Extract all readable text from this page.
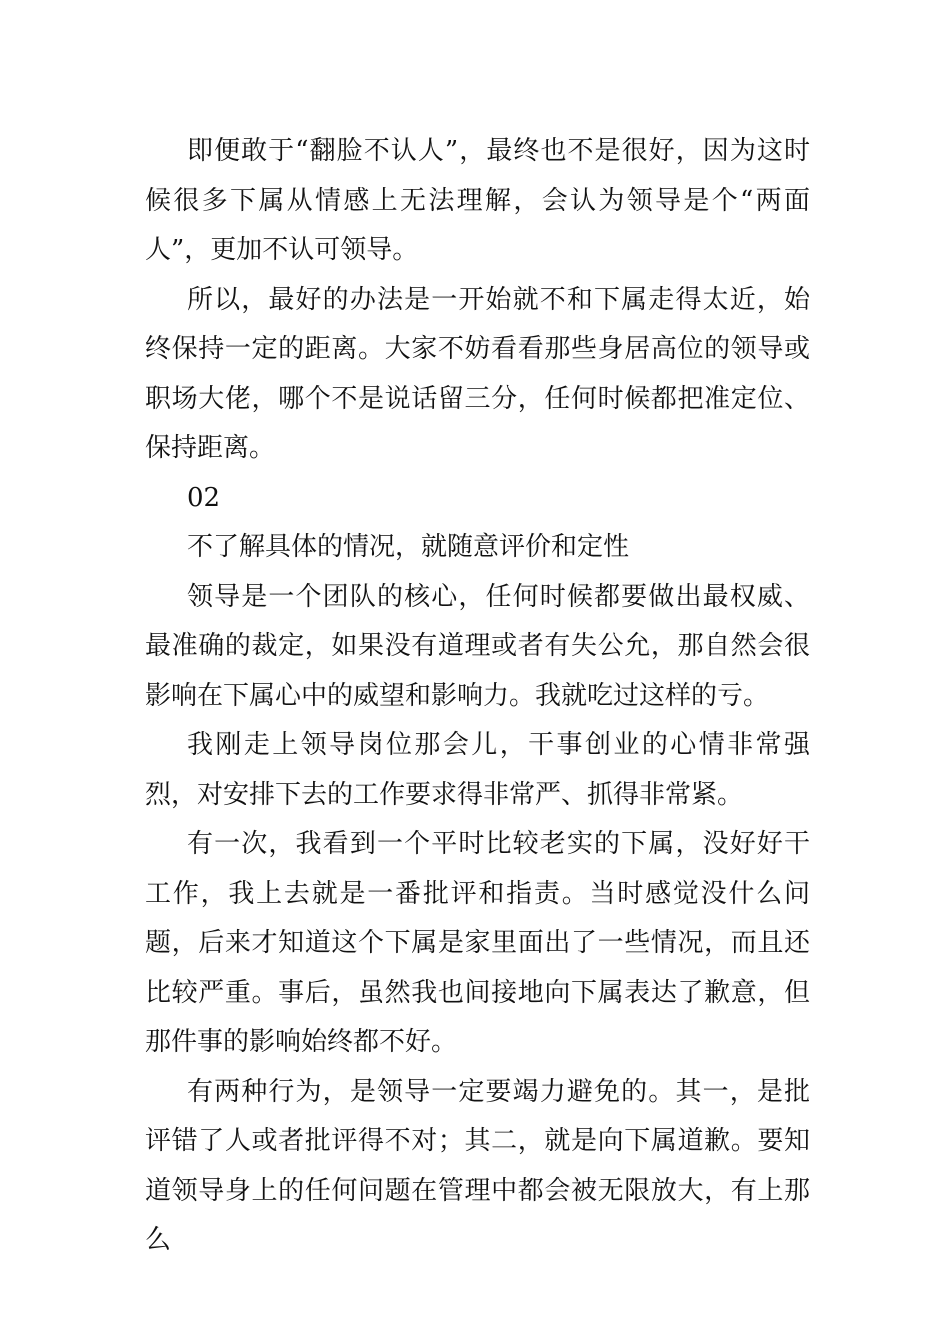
即便敢于“翻脸不认人”，最终也不是很好，因为这时候很多下属从情感上无法理解，会认为领导是个“两面人”，更加不认可领导。

所以，最好的办法是一开始就不和下属走得太近，始终保持一定的距离。大家不妨看看那些身居高位的领导或职场大佬，哪个不是说话留三分，任何时候都把准定位、保持距离。

02

不了解具体的情况，就随意评价和定性

领导是一个团队的核心，任何时候都要做出最权威、最准确的裁定，如果没有道理或者有失公允，那自然会很影响在下属心中的威望和影响力。我就吃过这样的亏。

我刚走上领导岗位那会儿，干事创业的心情非常强烈，对安排下去的工作要求得非常严、抓得非常紧。

有一次，我看到一个平时比较老实的下属，没好好干工作，我上去就是一番批评和指责。当时感觉没什么问题，后来才知道这个下属是家里面出了一些情况，而且还比较严重。事后，虽然我也间接地向下属表达了歉意，但那件事的影响始终都不好。

有两种行为，是领导一定要竭力避免的。其一，是批评错了人或者批评得不对；其二，就是向下属道歉。要知道领导身上的任何问题在管理中都会被无限放大，有上那么
